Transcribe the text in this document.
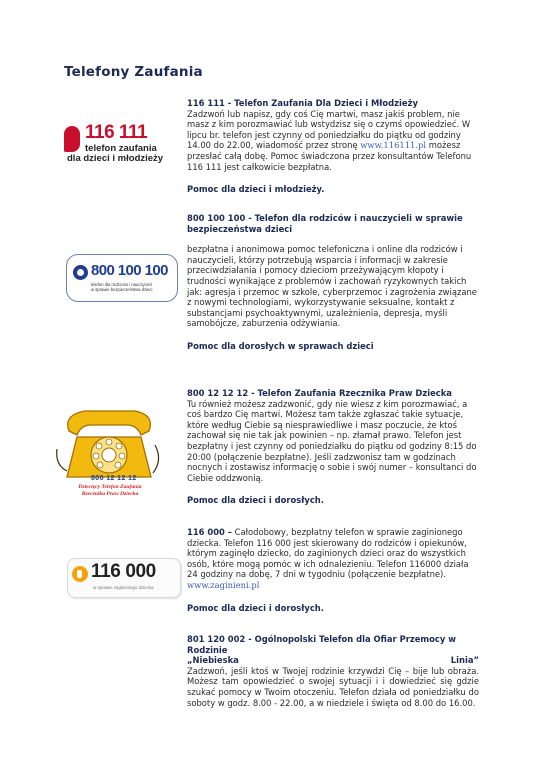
Telefony Zaufania
116 111
telefon zaufania
dla dzieci i młodzieży
116 111 - Telefon Zaufania Dla Dzieci i Młodzieży

Zadzwoń lub napisz, gdy coś Cię martwi, masz jakiś problem, nie masz z kim porozmawiać lub wstydzisz się o czymś opowiedzieć. W lipcu br. telefon jest czynny od poniedziałku do piątku od godziny 14.00 do 22.00, wiadomość przez stronę www.116111.pl możesz przesłać całą dobę. Pomoc świadczona przez konsultantów Telefonu 116 111 jest całkowicie bezpłatna.

Pomoc dla dzieci i młodzieży.
800 100 100
telefon dla rodziców i nauczycieli
w sprawie bezpieczeństwa dzieci
800 100 100 - Telefon dla rodziców i nauczycieli w sprawie bezpieczeństwa dzieci

bezpłatna i anonimowa pomoc telefoniczna i online dla rodziców i nauczycieli, którzy potrzebują wsparcia i informacji w zakresie przeciwdziałania i pomocy dzieciom przeżywającym kłopoty i trudności wynikające z problemów i zachowań ryzykownych takich jak: agresja i przemoc w szkole, cyberprzemoc i zagrożenia związane z nowymi technologiami, wykorzystywanie seksualne, kontakt z substancjami psychoaktywnymi, uzależnienia, depresja, myśli samobójcze, zaburzenia odżywiania.

Pomoc dla dorosłych w sprawach dzieci
800 12 12 12
Dziecięcy Telefon Zaufania
Rzecznika Praw Dziecka
800 12 12 12 - Telefon Zaufania Rzecznika Praw Dziecka

Tu również możesz zadzwonić, gdy nie wiesz z kim porozmawiać, a coś bardzo Cię martwi. Możesz tam także zgłaszać takie sytuacje, które według Ciebie są niesprawiedliwe i masz poczucie, że ktoś zachował się nie tak jak powinien – np. złamał prawo. Telefon jest bezpłatny i jest czynny od poniedziałku do piątku od godziny 8:15 do 20:00 (połączenie bezpłatne). Jeśli zadzwonisz tam w godzinach nocnych i zostawisz informację o sobie i swój numer – konsultanci do Ciebie oddzwonią.

Pomoc dla dzieci i dorosłych.
116 000
w sprawie zaginionego dziecka

116 000 – Całodobowy, bezpłatny telefon w sprawie zaginionego dziecka. Telefon 116 000 jest skierowany do rodziców i opiekunów, którym zaginęło dziecko, do zaginionych dzieci oraz do wszystkich osób, które mogą pomóc w ich odnalezieniu. Telefon 116000 działa 24 godziny na dobę, 7 dni w tygodniu (połączenie bezpłatne).
www.zaginieni.pl

Pomoc dla dzieci i dorosłych.
801 120 002 - Ogólnopolski Telefon dla Ofiar Przemocy w Rodzinie
„Niebieska	Linia”

Zadzwoń, jeśli ktoś w Twojej rodzinie krzywdzi Cię – bije lub obraża. Możesz tam opowiedzieć o swojej sytuacji i i dowiedzieć się gdzie szukać pomocy w Twoim otoczeniu. Telefon działa od poniedziałku do soboty w godz. 8.00 - 22.00, a w niedziele i święta od 8.00 do 16.00.
